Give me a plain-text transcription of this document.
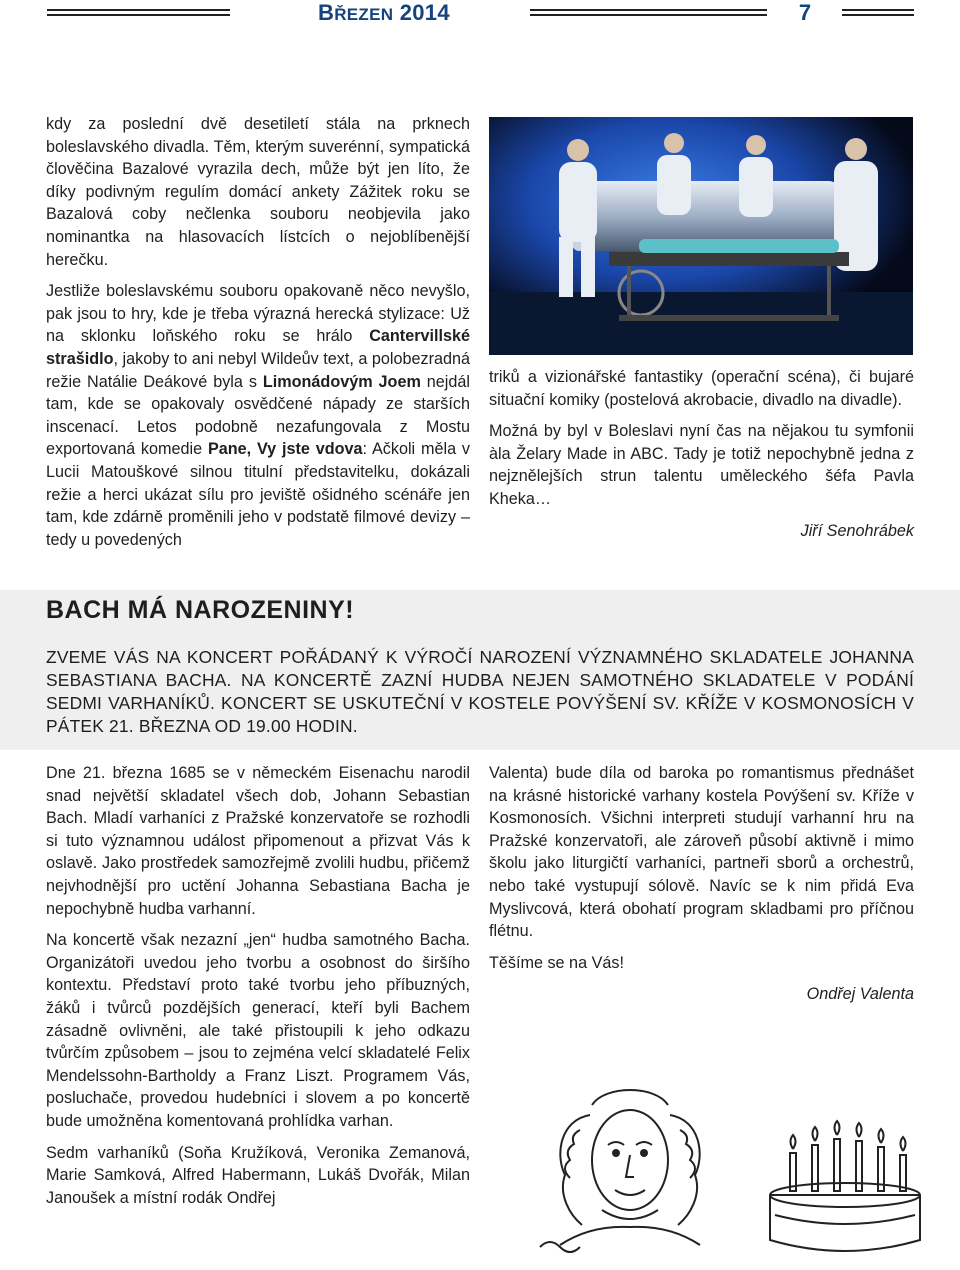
BŘEZEN 2014	7

kdy za poslední dvě desetiletí stála na prknech boleslavského divadla. Těm, kterým suverénní, sympatická člověčina Bazalové vyrazila dech, může být jen líto, že díky podivným regulím domácí ankety Zážitek roku se Bazalová coby nečlenka souboru neobjevila jako nominantka na hlasovacích lístcích o nejoblíbenější herečku.

Jestliže boleslavskému souboru opakovaně něco nevyšlo, pak jsou to hry, kde je třeba výrazná herecká stylizace: Už na sklonku loňského roku se hrálo Cantervillské strašidlo, jakoby to ani nebyl Wildeův text, a polobezradná režie Natálie Deákové byla s Limonádovým Joem nejdál tam, kde se opakovaly osvědčené nápady ze starších inscenací. Letos podobně nezafungovala z Mostu exportovaná komedie Pane, Vy jste vdova: Ačkoli měla v Lucii Matouškové silnou titulní představitelku, dokázali režie a herci ukázat sílu pro jeviště ošidného scénáře jen tam, kde zdárně proměnili jeho v podstatě filmové devizy – tedy u povedených

triků a vizionářské fantastiky (operační scéna), či bujaré situační komiky (postelová akrobacie, divadlo na divadle).

Možná by byl v Boleslavi nyní čas na nějakou tu symfonii àla Želary Made in ABC. Tady je totiž nepochybně jedna z nejznělejších strun talentu uměleckého šéfa Pavla Kheka…

Jiří Senohrábek

BACH MÁ NAROZENINY!
ZVEME VÁS NA KONCERT POŘÁDANÝ K VÝROČÍ NAROZENÍ VÝZNAMNÉHO SKLADATELE JOHANNA SEBASTIANA BACHA. NA KONCERTĚ ZAZNÍ HUDBA NEJEN SAMOTNÉHO SKLADATELE V PODÁNÍ SEDMI VARHANÍKŮ. KONCERT SE USKUTEČNÍ V KOSTELE POVÝŠENÍ SV. KŘÍŽE V KOSMONOSÍCH V PÁTEK 21. BŘEZNA OD 19.00 HODIN.

Dne 21. března 1685 se v německém Eisenachu narodil snad největší skladatel všech dob, Johann Sebastian Bach. Mladí varhaníci z Pražské konzervatoře se rozhodli si tuto významnou událost připomenout a přizvat Vás k oslavě. Jako prostředek samozřejmě zvolili hudbu, přičemž nejvhodnější pro uctění Johanna Sebastiana Bacha je nepochybně hudba varhanní.

Na koncertě však nezazní „jen“ hudba samotného Bacha. Organizátoři uvedou jeho tvorbu a osobnost do širšího kontextu. Představí proto také tvorbu jeho příbuzných, žáků i tvůrců pozdějších generací, kteří byli Bachem zásadně ovlivněni, ale také přistoupili k jeho odkazu tvůrčím způsobem – jsou to zejména velcí skladatelé Felix Mendelssohn-Bartholdy a Franz Liszt. Programem Vás, posluchače, provedou hudebníci i slovem a po koncertě bude umožněna komentovaná prohlídka varhan.

Sedm varhaníků (Soňa Kružíková, Veronika Zemanová, Marie Samková, Alfred Habermann, Lukáš Dvořák, Milan Janoušek a místní rodák Ondřej

Valenta) bude díla od baroka po romantismus přednášet na krásné historické varhany kostela Povýšení sv. Kříže v Kosmonosích. Všichni interpreti studují varhanní hru na Pražské konzervatoři, ale zároveň působí aktivně i mimo školu jako liturgičtí varhaníci, partneři sborů a orchestrů, nebo také vystupují sólově. Navíc se k nim přidá Eva Myslivcová, která obohatí program skladbami pro příčnou flétnu.

Těšíme se na Vás!

Ondřej Valenta
